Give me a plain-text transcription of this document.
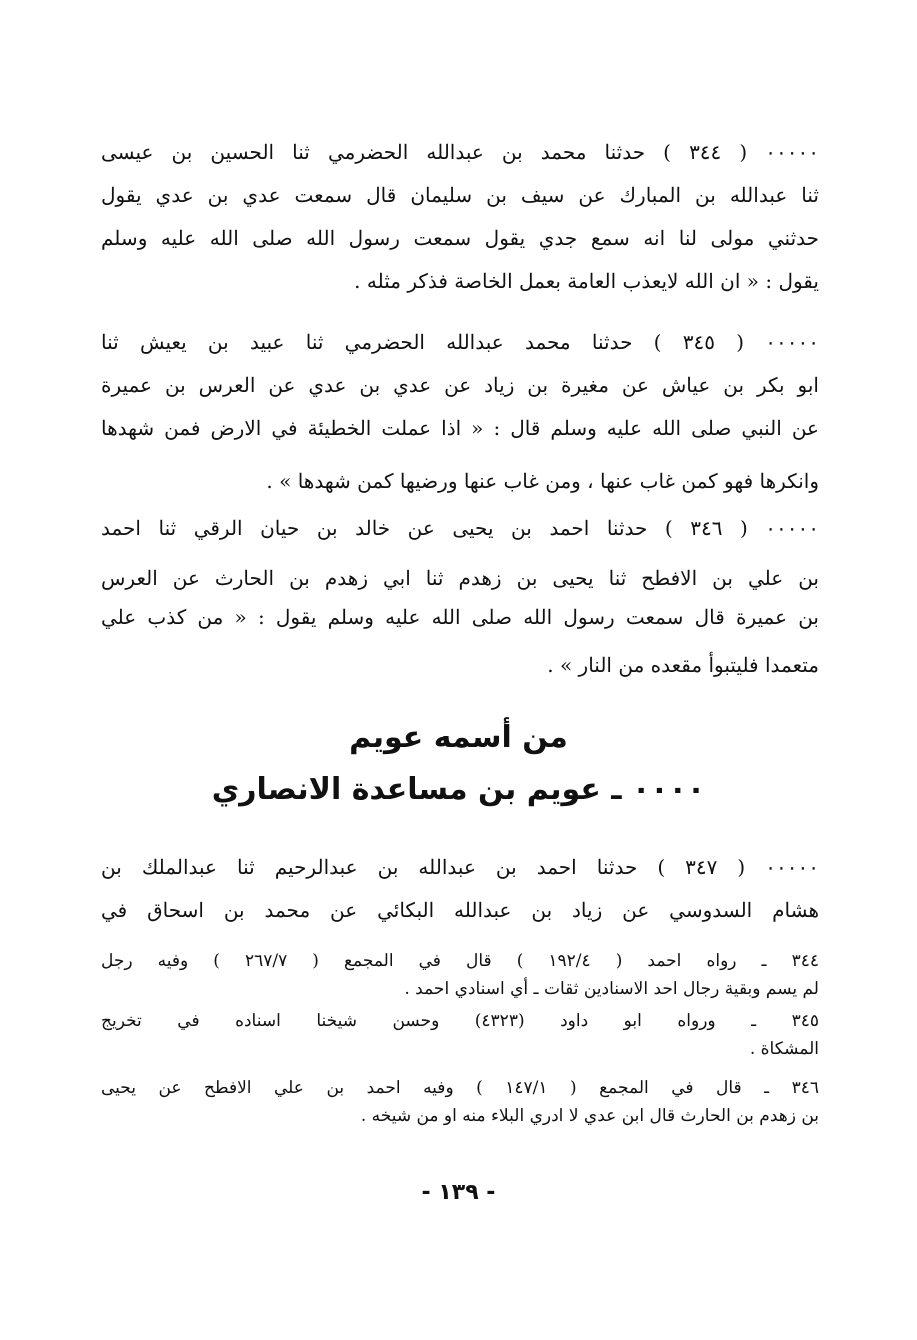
٠٠٠٠٠ ( ٣٤٤ ) حدثنا محمد بن عبدالله الحضرمي ثنا الحسين بن عيسى
ثنا عبدالله بن المبارك عن سيف بن سليمان قال سمعت عدي بن عدي يقول
حدثني مولى لنا انه سمع جدي يقول سمعت رسول الله صلى الله عليه وسلم
يقول : « ان الله لايعذب العامة بعمل الخاصة فذكر مثله .
٠٠٠٠٠ ( ٣٤٥ ) حدثنا محمد عبدالله الحضرمي ثنا عبيد بن يعيش ثنا
ابو بكر بن عياش عن مغيرة بن زياد عن عدي بن عدي عن العرس بن عميرة
عن النبي صلى الله عليه وسلم قال : « اذا عملت الخطيئة في الارض فمن شهدها
وانكرها فهو كمن غاب عنها ، ومن غاب عنها ورضيها كمن شهدها » .
٠٠٠٠٠ ( ٣٤٦ ) حدثنا احمد بن يحيى عن خالد بن حيان الرقي ثنا احمد
بن علي بن الافطح ثنا يحيى بن زهدم ثنا ابي زهدم بن الحارث عن العرس
بن عميرة قال سمعت رسول الله صلى الله عليه وسلم يقول : « من كذب علي
متعمدا فليتبوأ مقعده من النار » .
من أسمه عويم
٠٠٠٠ ـ عويم بن مساعدة الانصاري
٠٠٠٠٠ ( ٣٤٧ ) حدثنا احمد بن عبدالله بن عبدالرحيم ثنا عبدالملك بن
هشام السدوسي عن زياد بن عبدالله البكائي عن محمد بن اسحاق في
٣٤٤ ـ رواه احمد ( ١٩٢/٤ ) قال في المجمع ( ٢٦٧/٧ ) وفيه رجل
لم يسم وبقية رجال احد الاسنادين ثقات ـ أي اسنادي احمد .
٣٤٥ ـ ورواه ابو داود (٤٣٢٣) وحسن شيخنا اسناده في تخريج
المشكاة .
٣٤٦ ـ قال في المجمع ( ١٤٧/١ ) وفيه احمد بن علي الافطح عن يحيى
بن زهدم بن الحارث قال ابن عدي لا ادري البلاء منه او من شيخه .
- ١٣٩ -
